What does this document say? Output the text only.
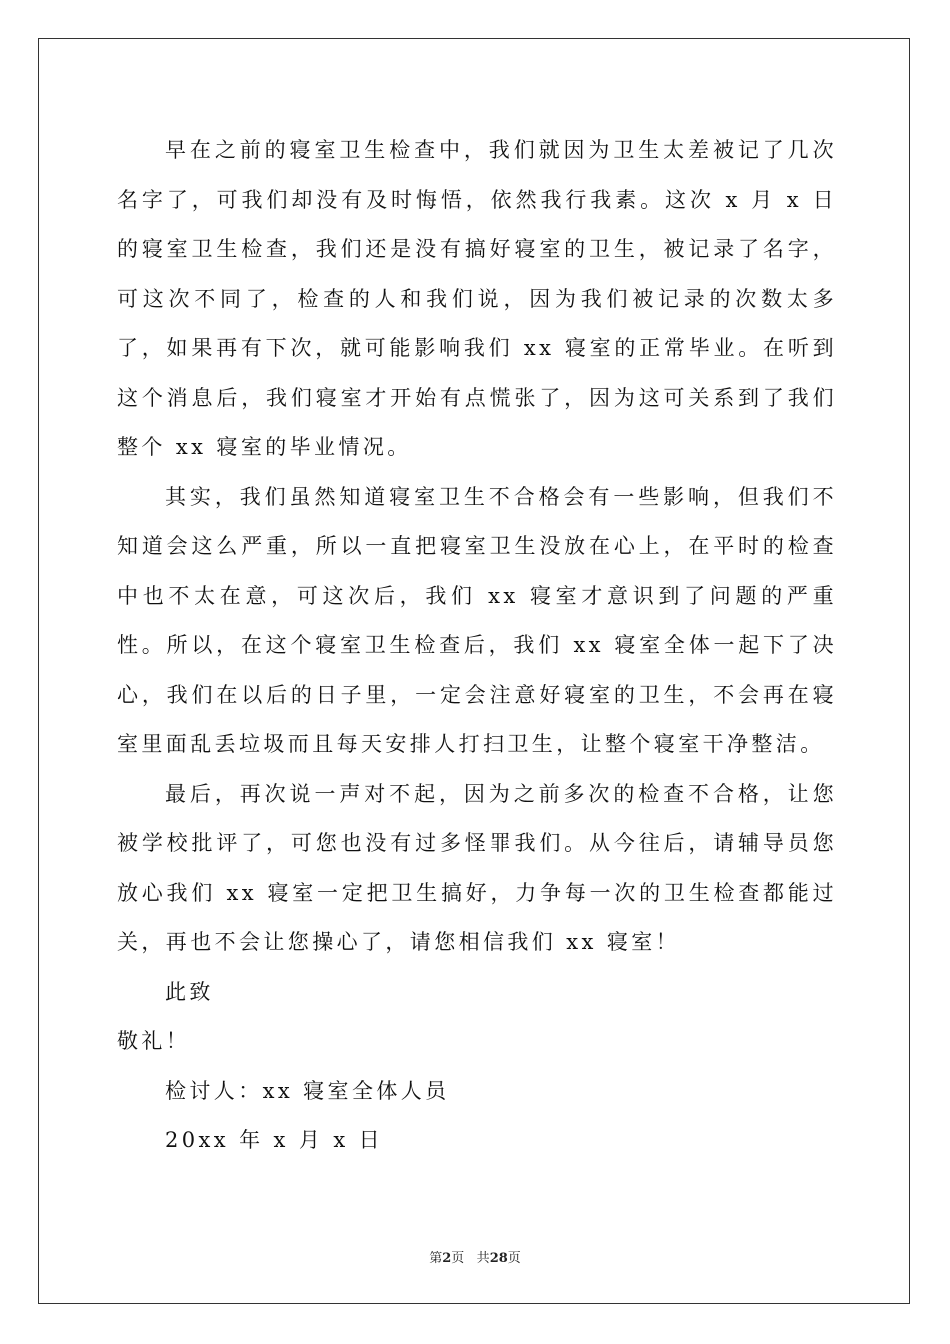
早在之前的寝室卫生检查中，我们就因为卫生太差被记了几次名字了，可我们却没有及时悔悟，依然我行我素。这次 x 月 x 日的寝室卫生检查，我们还是没有搞好寝室的卫生，被记录了名字，可这次不同了，检查的人和我们说，因为我们被记录的次数太多了，如果再有下次，就可能影响我们 xx 寝室的正常毕业。在听到这个消息后，我们寝室才开始有点慌张了，因为这可关系到了我们整个 xx 寝室的毕业情况。

其实，我们虽然知道寝室卫生不合格会有一些影响，但我们不知道会这么严重，所以一直把寝室卫生没放在心上，在平时的检查中也不太在意，可这次后，我们 xx 寝室才意识到了问题的严重性。所以，在这个寝室卫生检查后，我们 xx 寝室全体一起下了决心，我们在以后的日子里，一定会注意好寝室的卫生，不会再在寝室里面乱丢垃圾而且每天安排人打扫卫生，让整个寝室干净整洁。

最后，再次说一声对不起，因为之前多次的检查不合格，让您被学校批评了，可您也没有过多怪罪我们。从今往后，请辅导员您放心我们 xx 寝室一定把卫生搞好，力争每一次的卫生检查都能过关，再也不会让您操心了，请您相信我们 xx 寝室！

此致

敬礼！

检讨人：xx 寝室全体人员

20xx 年 x 月 x 日

第2页 共28页
